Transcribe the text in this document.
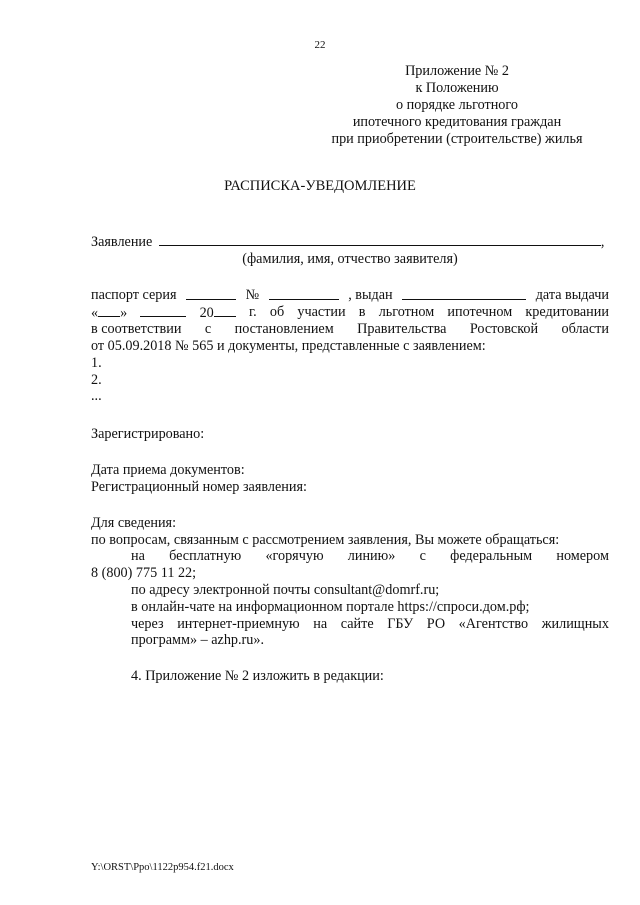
22
Приложение № 2
к Положению
о порядке льготного
ипотечного кредитования граждан
при приобретении (строительстве) жилья
РАСПИСКА-УВЕДОМЛЕНИЕ
Заявление	,
(фамилия, имя, отчество заявителя)
паспорт серия	№	, выдан	дата выдачи
« »	20	г. об участии в льготном ипотечном кредитовании
в соответствии с постановлением Правительства Ростовской области
от 05.09.2018 № 565 и документы, представленные с заявлением:
1.
2.
...
Зарегистрировано:
Дата приема документов:
Регистрационный номер заявления:
Для сведения:
по вопросам, связанным с рассмотрением заявления, Вы можете обращаться:
на бесплатную «горячую линию» с федеральным номером
8 (800) 775 11 22;
по адресу электронной почты consultant@domrf.ru;
в онлайн-чате на информационном портале https://спроси.дом.рф;
через интернет-приемную на сайте ГБУ РО «Агентство жилищных
программ» – azhp.ru».
4. Приложение № 2 изложить в редакции:
Y:\ORST\Ppo\1122p954.f21.docx
